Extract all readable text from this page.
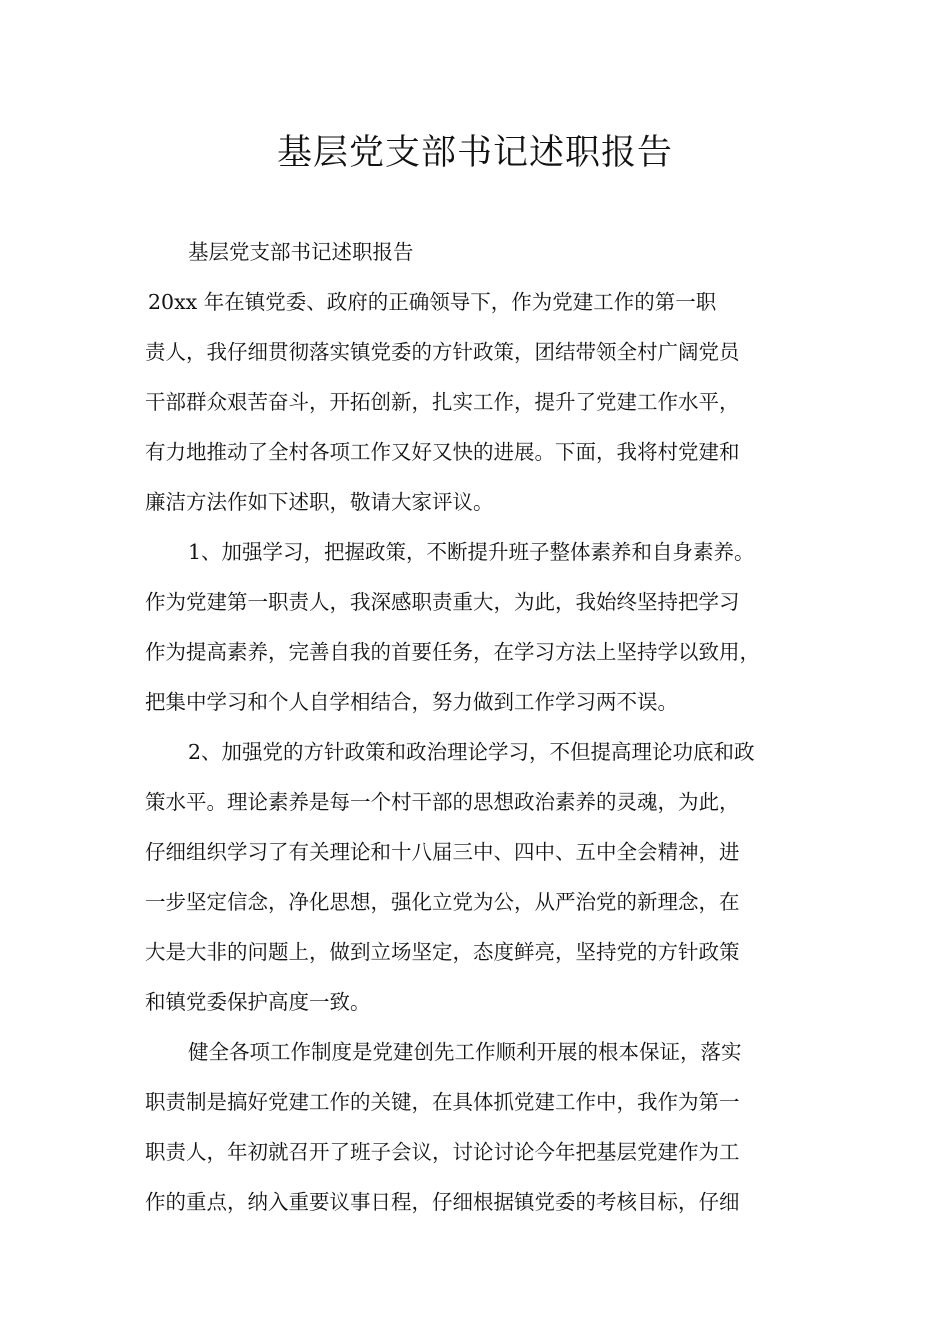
基层党支部书记述职报告

基层党支部书记述职报告

20xx 年在镇党委、政府的正确领导下，作为党建工作的第一职

责人，我仔细贯彻落实镇党委的方针政策，团结带领全村广阔党员

干部群众艰苦奋斗，开拓创新，扎实工作，提升了党建工作水平，

有力地推动了全村各项工作又好又快的进展。下面，我将村党建和

廉洁方法作如下述职，敬请大家评议。

1、加强学习，把握政策，不断提升班子整体素养和自身素养。

作为党建第一职责人，我深感职责重大，为此，我始终坚持把学习

作为提高素养，完善自我的首要任务，在学习方法上坚持学以致用，

把集中学习和个人自学相结合，努力做到工作学习两不误。

2、加强党的方针政策和政治理论学习，不但提高理论功底和政

策水平。理论素养是每一个村干部的思想政治素养的灵魂，为此，

仔细组织学习了有关理论和十八届三中、四中、五中全会精神，进

一步坚定信念，净化思想，强化立党为公，从严治党的新理念，在

大是大非的问题上，做到立场坚定，态度鲜亮，坚持党的方针政策

和镇党委保护高度一致。

健全各项工作制度是党建创先工作顺利开展的根本保证，落实

职责制是搞好党建工作的关键，在具体抓党建工作中，我作为第一

职责人，年初就召开了班子会议，讨论讨论今年把基层党建作为工

作的重点，纳入重要议事日程，仔细根据镇党委的考核目标，仔细
